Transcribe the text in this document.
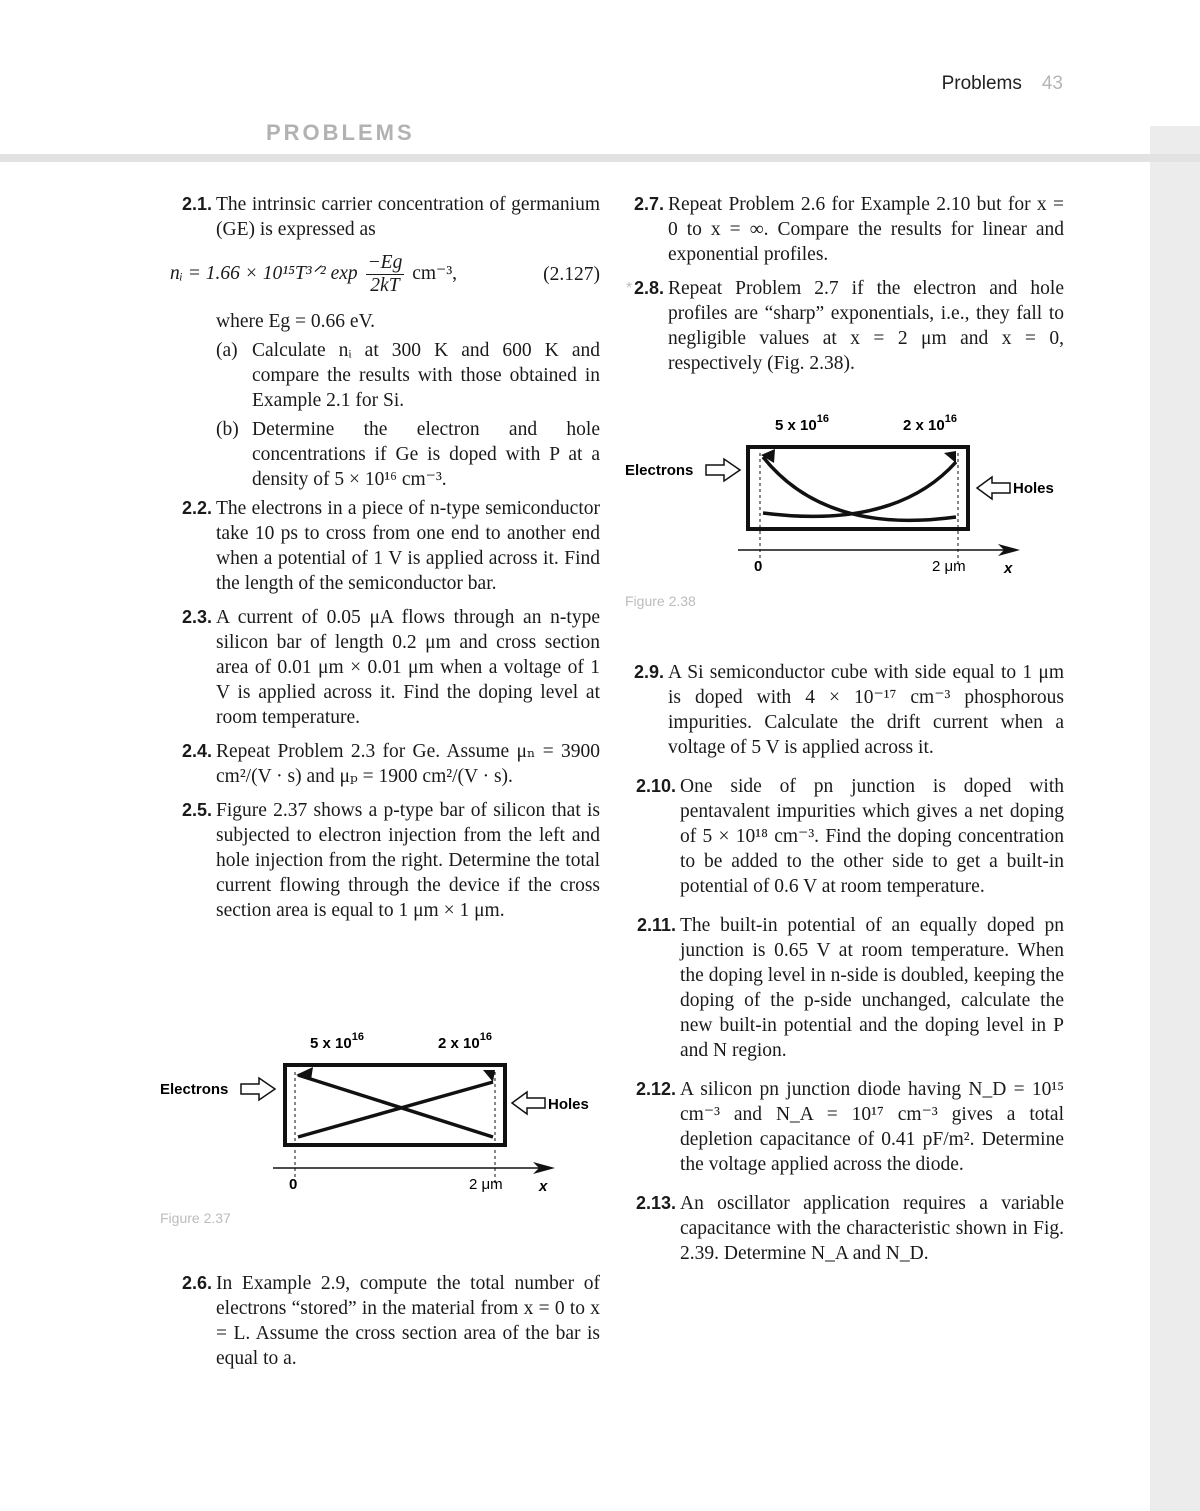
Problems 43
PROBLEMS
2.1. The intrinsic carrier concentration of germanium (GE) is expressed as
nᵢ = 1.66 × 10¹⁵T³ᐟ² $\exp \frac{-Eg}{2kT} cm^{-3}$,	(2.127)
where Eg = 0.66 eV.
(a) Calculate nᵢ at 300 K and 600 K and compare the results with those obtained in Example 2.1 for Si.
(b) Determine the electron and hole concentrations if Ge is doped with P at a density of 5 × 10¹⁶ cm⁻³.
2.2. The electrons in a piece of n-type semiconductor take 10 ps to cross from one end to another end when a potential of 1 V is applied across it. Find the length of the semiconductor bar.
2.3. A current of 0.05 μA flows through an n-type silicon bar of length 0.2 μm and cross section area of 0.01 μm × 0.01 μm when a voltage of 1 V is applied across it. Find the doping level at room temperature.
2.4. Repeat Problem 2.3 for Ge. Assume μₙ = 3900 cm²/(V · s) and μₚ = 1900 cm²/(V · s).
2.5. Figure 2.37 shows a p-type bar of silicon that is subjected to electron injection from the left and hole injection from the right. Determine the total current flowing through the device if the cross section area is equal to 1 μm × 1 μm.
5 x $10^{16}$	2 x $10^{16}$
Electrons
Holes
0	2 μm x
Figure 2.37
2.6. In Example 2.9, compute the total number of electrons “stored” in the material from x = 0 to x = L. Assume the cross section area of the bar is equal to a.
2.7. Repeat Problem 2.6 for Example 2.10 but for x = 0 to x = ∞. Compare the results for linear and exponential profiles.
* 2.8. Repeat Problem 2.7 if the electron and hole profiles are “sharp” exponentials, i.e., they fall to negligible values at x = 2 μm and x = 0, respectively (Fig. 2.38).
5 x $10^{16}$	2 x $10^{16}$
Electrons
Holes
0	2 μm	x
Figure 2.38
2.9. A Si semiconductor cube with side equal to 1 μm is doped with 4 × 10⁻¹⁷ cm⁻³ phosphorous impurities. Calculate the drift current when a voltage of 5 V is applied across it.
2.10. One side of pn junction is doped with pentavalent impurities which gives a net doping of 5 × 10¹⁸ cm⁻³. Find the doping concentration to be added to the other side to get a built-in potential of 0.6 V at room temperature.
2.11. The built-in potential of an equally doped pn junction is 0.65 V at room temperature. When the doping level in n-side is doubled, keeping the doping of the p-side unchanged, calculate the new built-in potential and the doping level in P and N region.
2.12. A silicon pn junction diode having N_D = 10¹⁵ cm⁻³ and N_A = 10¹⁷ cm⁻³ gives a total depletion capacitance of 0.41 pF/m². Determine the voltage applied across the diode.
2.13. An oscillator application requires a variable capacitance with the characteristic shown in Fig. 2.39. Determine N_A and N_D.
